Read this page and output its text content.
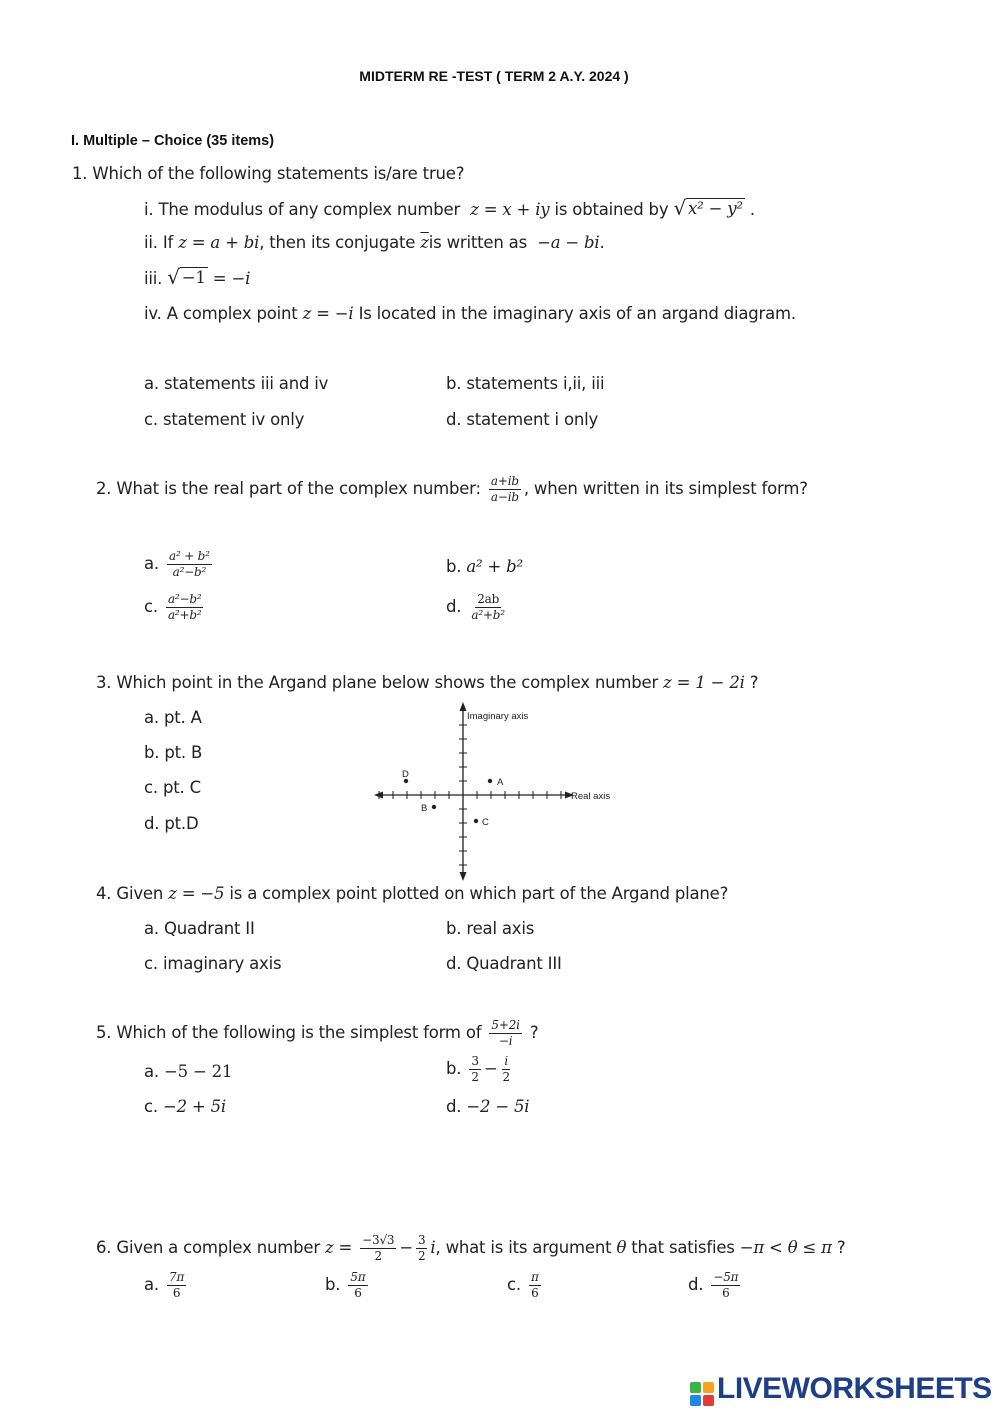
MIDTERM RE -TEST ( TERM 2 A.Y. 2024 )
I. Multiple – Choice (35 items)
1. Which of the following statements is/are true?
i. The modulus of any complex number z = x + iy is obtained by √ x² − y² .
ii. If z = a + bi, then its conjugate $\overline{z}is$ written as −a − bi.
iii. √ −1 = −i
iv. A complex point z = −i Is located in the imaginary axis of an argand diagram.
a. statements iii and iv	b. statements i,ii, iii
c. statement iv only	d. statement i only
2. What is the real part of the complex number: $\frac{a+ib}{a-ib}$ , when written in its simplest form?
a. $\frac{\text{a² + b²}}{\text{a²−b²}}$	b. a² + b²
c. $\frac{\text{a²−b²}}{\text{a²+b²}}$	d. $\frac{2ab}{\text{a²+b²}}$
3. Which point in the Argand plane below shows the complex number z = 1 − 2i ?
a. pt. A
b. pt. B
c. pt. C
d. pt.D
Imaginary axis
Real axis
A
B
C
D
4. Given z = −5 is a complex point plotted on which part of the Argand plane?
a. Quadrant II	b. real axis
c. imaginary axis	d. Quadrant III
5. Which of the following is the simplest form of $\frac{5+2i}{-i}$ ?
a. −5 − 21	b. $\frac{3}{2} - \frac{i}{2}$
c. −2 + 5i	d. −2 − 5i
6. Given a complex number $z = \frac{-3√3}{2} - \frac{3}{2} i$, what is its argument θ that satisfies −π < θ ≤ π ?
a. $\frac{7\pi}{6}$	b. $\frac{5\pi}{6}$	c. $\frac{\pi}{6}$	d. $\frac{-5\pi}{6}$
LIVEWORKSHEETS
